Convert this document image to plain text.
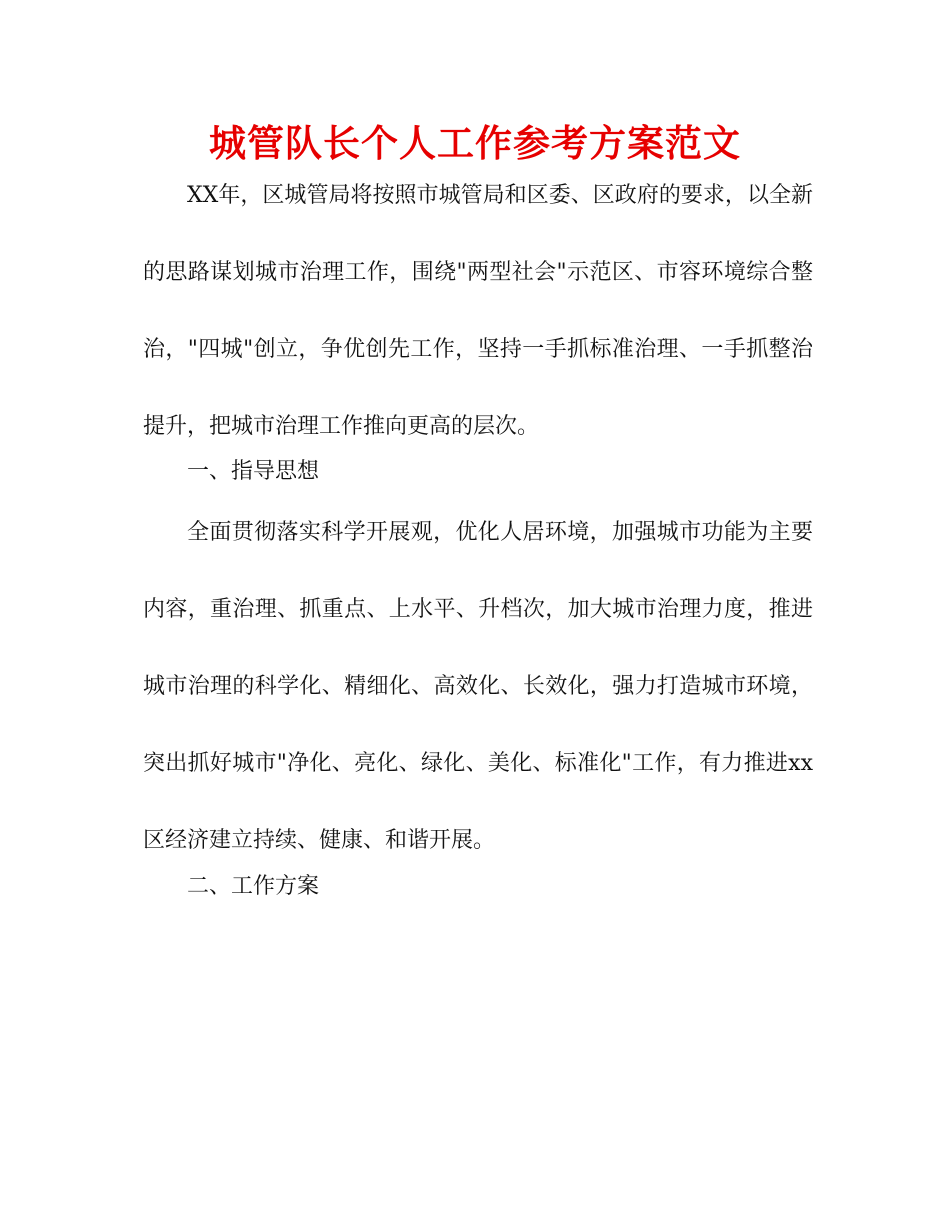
城管队长个人工作参考方案范文

XX年，区城管局将按照市城管局和区委、区政府的要求，以全新的思路谋划城市治理工作，围绕"两型社会"示范区、市容环境综合整治，"四城"创立，争优创先工作，坚持一手抓标准治理、一手抓整治提升，把城市治理工作推向更高的层次。

一、指导思想

全面贯彻落实科学开展观，优化人居环境，加强城市功能为主要内容，重治理、抓重点、上水平、升档次，加大城市治理力度，推进城市治理的科学化、精细化、高效化、长效化，强力打造城市环境，突出抓好城市"净化、亮化、绿化、美化、标准化"工作，有力推进xx区经济建立持续、健康、和谐开展。

二、工作方案
